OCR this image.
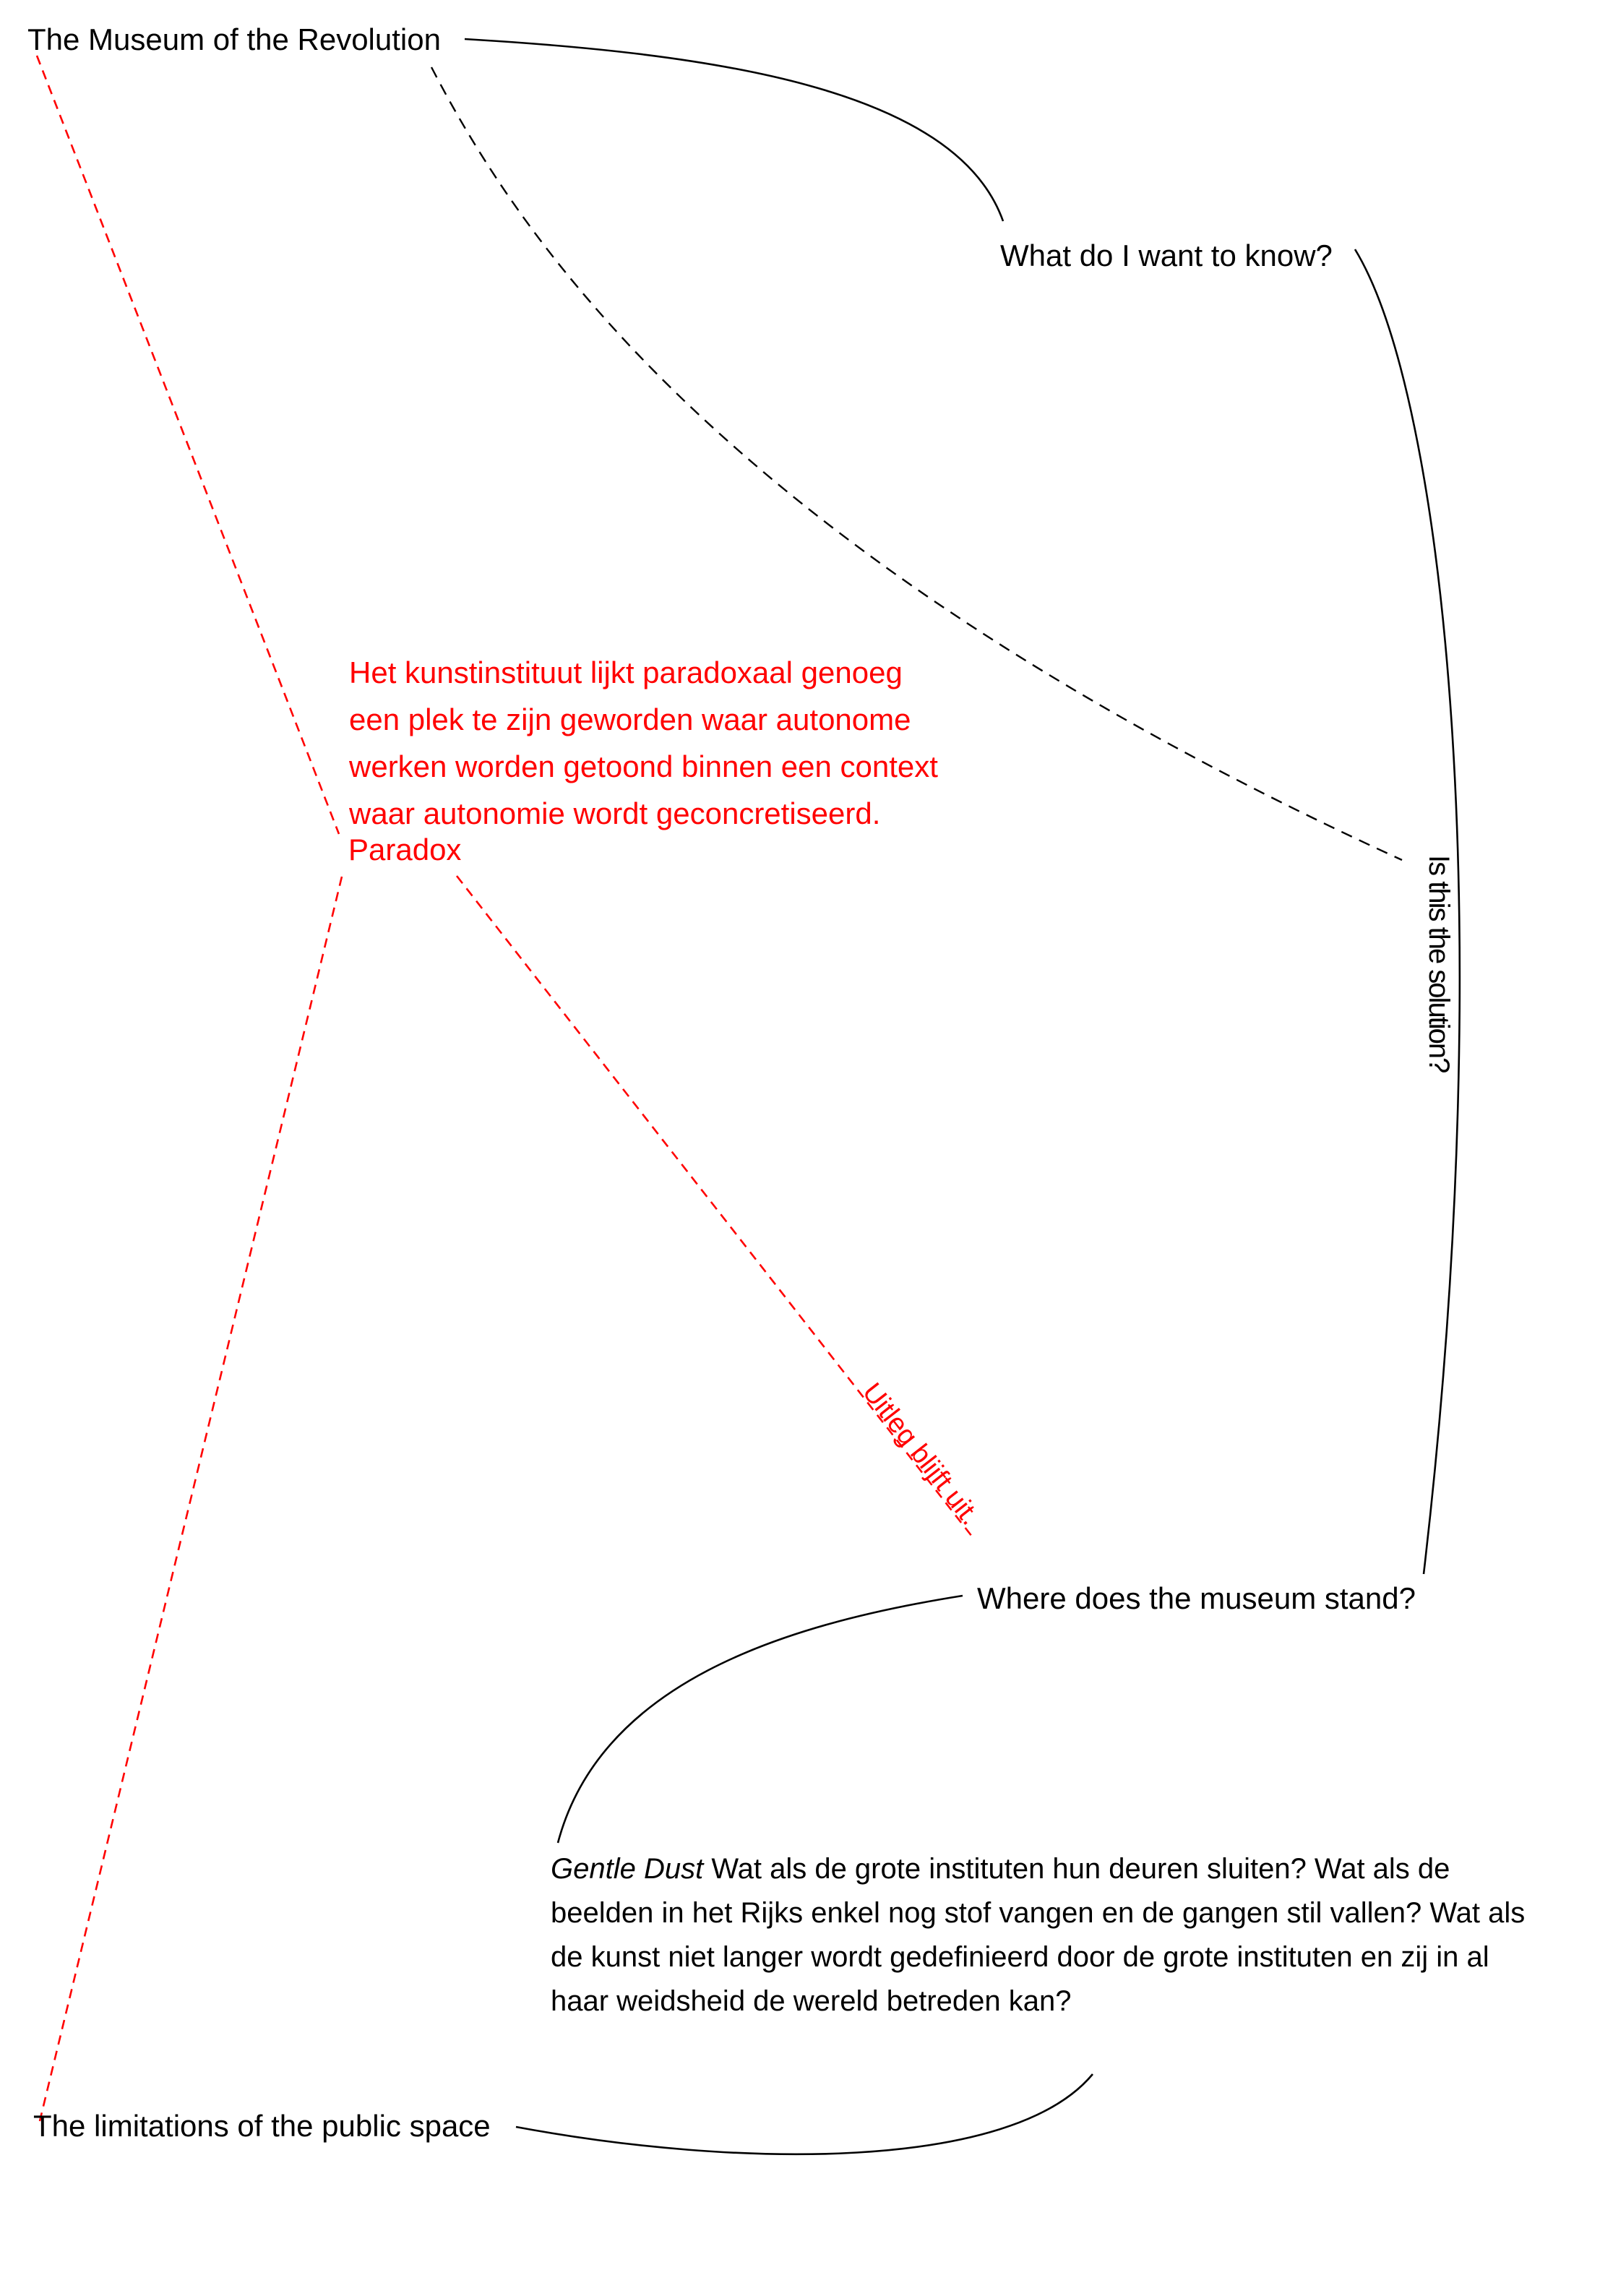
The Museum of the Revolution
What do I want to know?
Het kunstinstituut lijkt paradoxaal genoeg
een plek te zijn geworden waar autonome
werken worden getoond binnen een context
waar autonomie wordt geconcretiseerd.
Paradox
Uitleg blijft uit.
Is this the solution?
Where does the museum stand?
Gentle Dust Wat als de grote instituten hun deuren sluiten? Wat als de
beelden in het Rijks enkel nog stof vangen en de gangen stil vallen? Wat als
de kunst niet langer wordt gedefinieerd door de grote instituten en zij in al
haar weidsheid de wereld betreden kan?
The limitations of the public space
